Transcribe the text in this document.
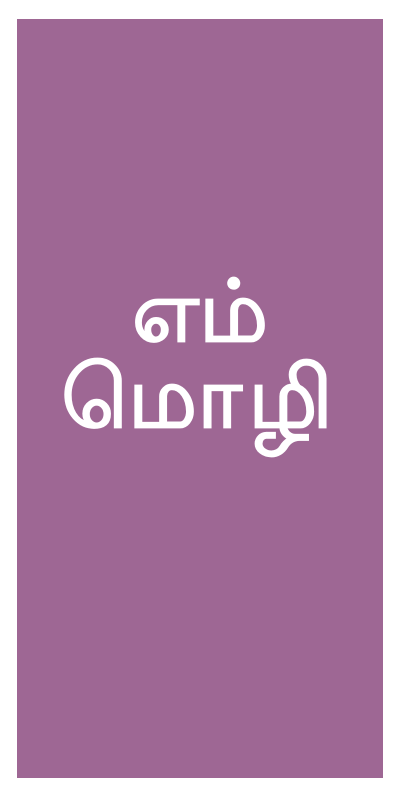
எம்
மொழி
